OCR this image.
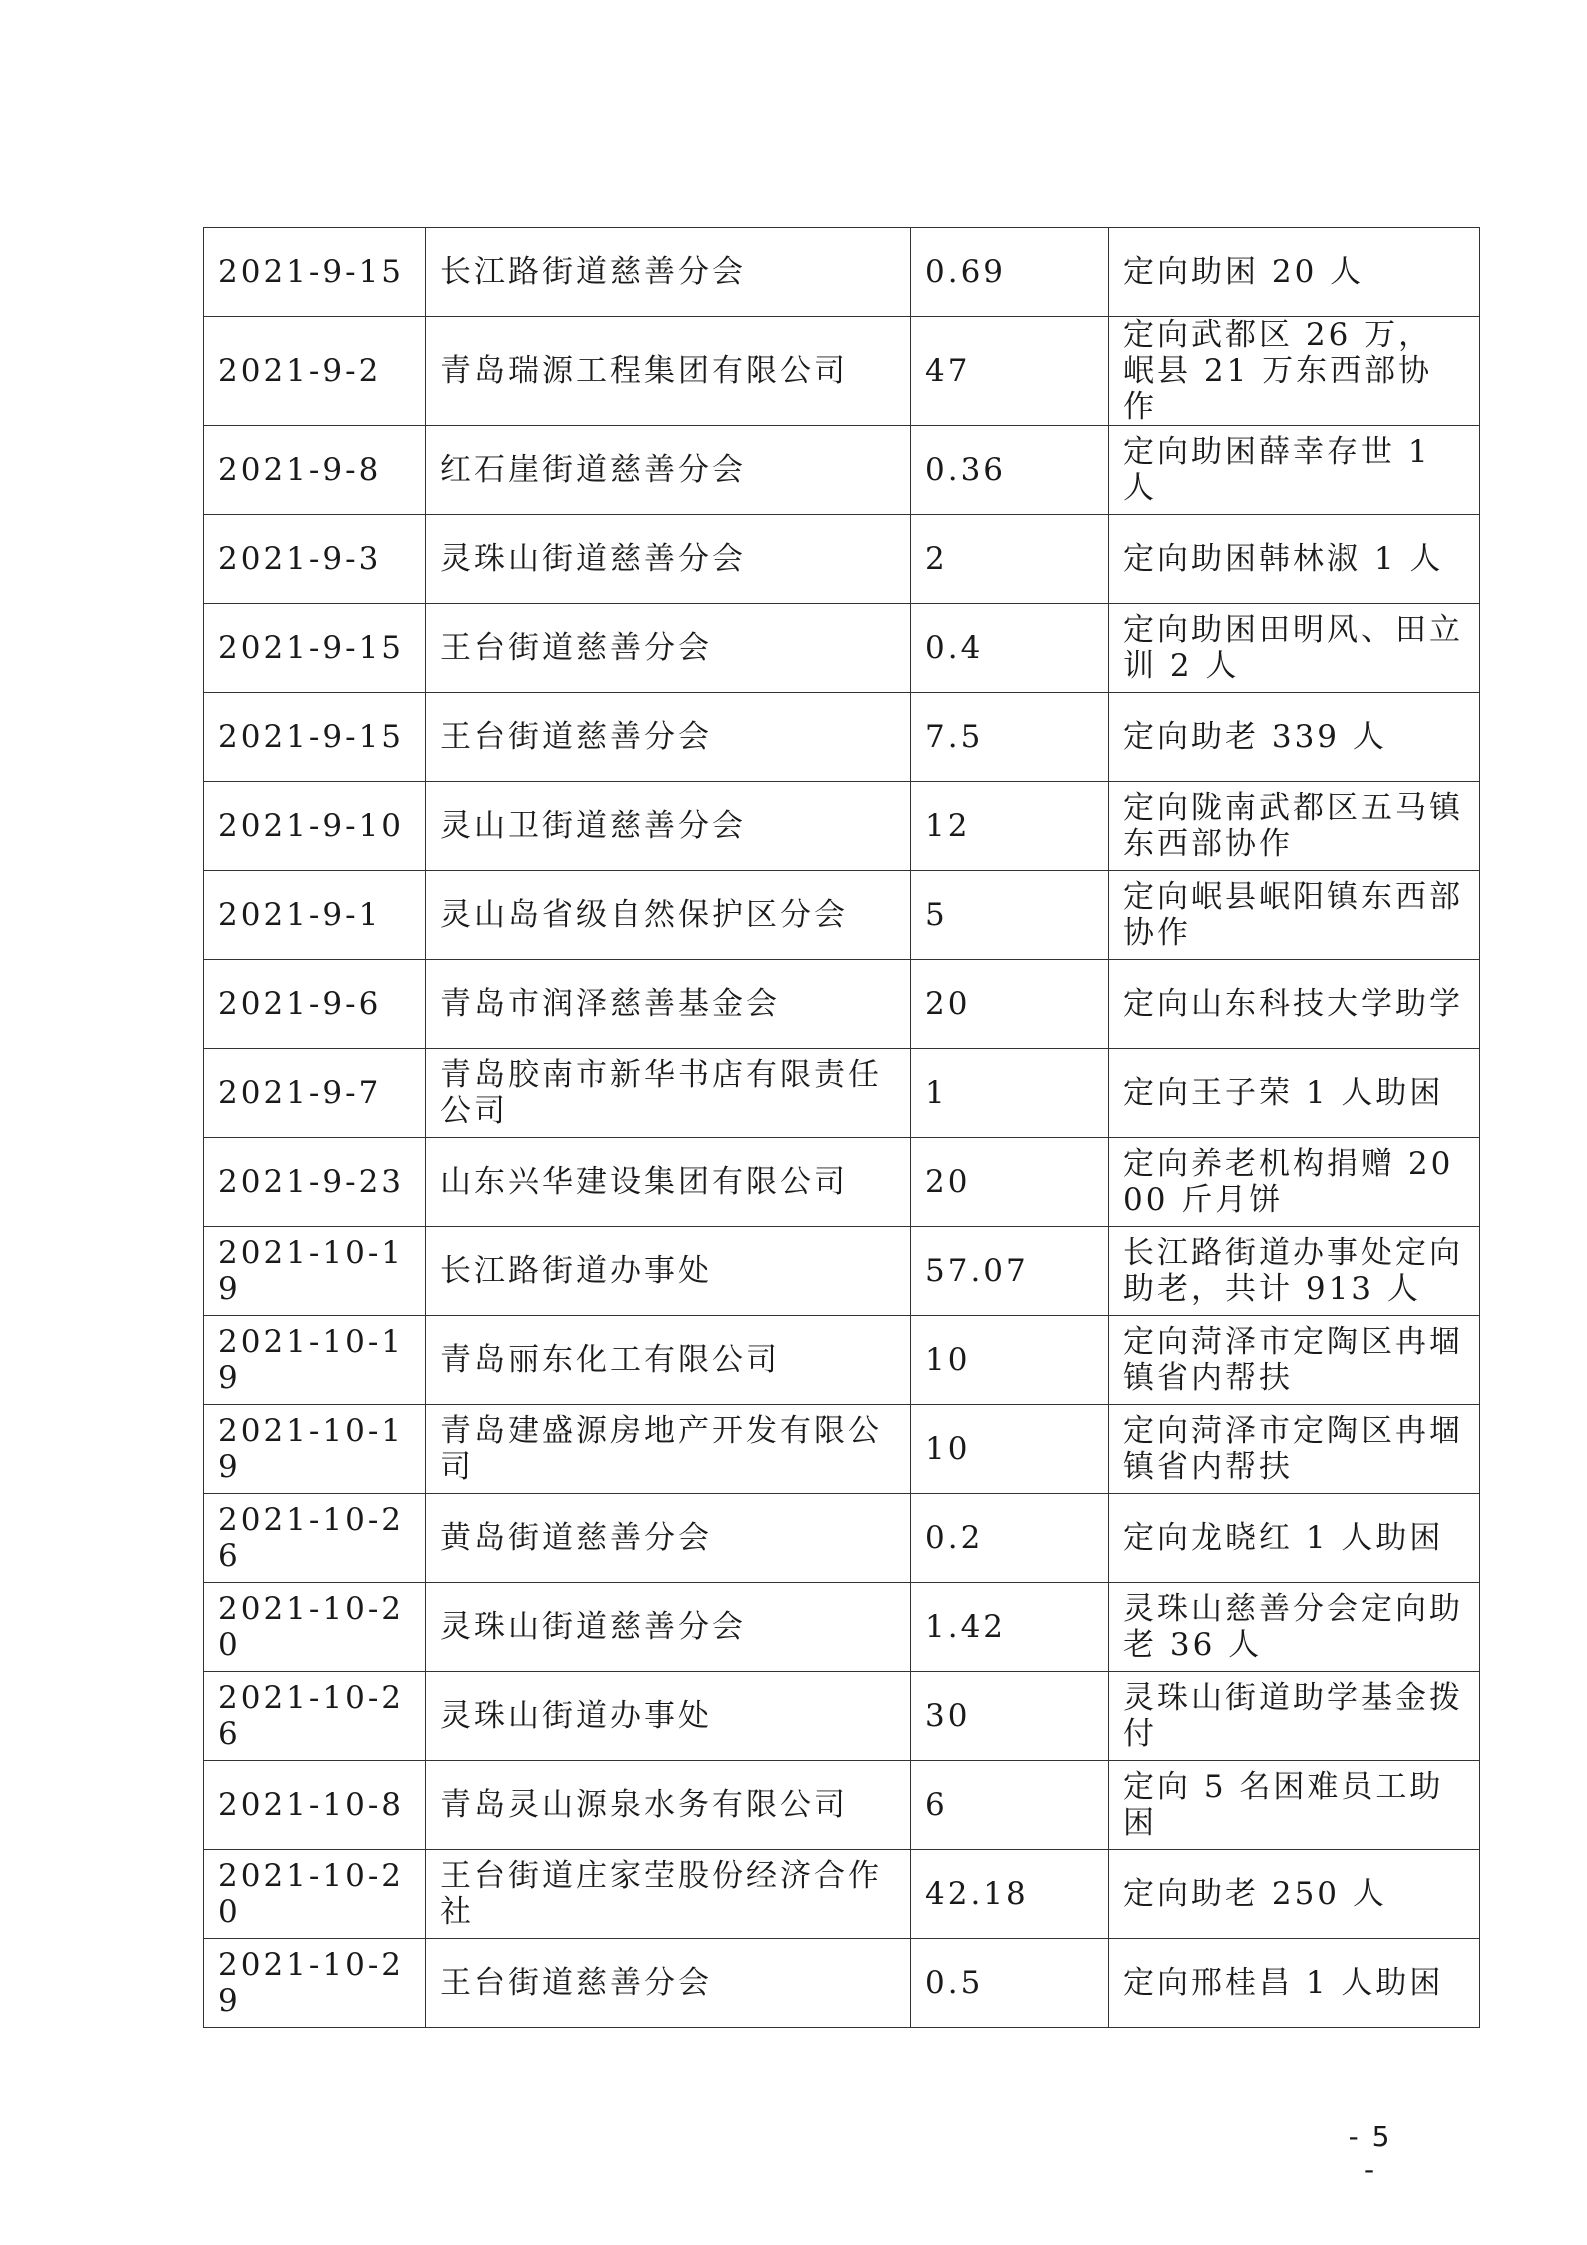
2021-9-15	长江路街道慈善分会	0.69	定向助困 20 人
2021-9-2	青岛瑞源工程集团有限公司	47	定向武都区 26 万，岷县 21 万东西部协作
2021-9-8	红石崖街道慈善分会	0.36	定向助困薛幸存世 1 人
2021-9-3	灵珠山街道慈善分会	2	定向助困韩林淑 1 人
2021-9-15	王台街道慈善分会	0.4	定向助困田明风、田立训 2 人
2021-9-15	王台街道慈善分会	7.5	定向助老 339 人
2021-9-10	灵山卫街道慈善分会	12	定向陇南武都区五马镇东西部协作
2021-9-1	灵山岛省级自然保护区分会	5	定向岷县岷阳镇东西部协作
2021-9-6	青岛市润泽慈善基金会	20	定向山东科技大学助学
2021-9-7	青岛胶南市新华书店有限责任公司	1	定向王子荣 1 人助困
2021-9-23	山东兴华建设集团有限公司	20	定向养老机构捐赠 2000 斤月饼
2021-10-19	长江路街道办事处	57.07	长江路街道办事处定向助老，共计 913 人
2021-10-19	青岛丽东化工有限公司	10	定向菏泽市定陶区冉堌镇省内帮扶
2021-10-19	青岛建盛源房地产开发有限公司	10	定向菏泽市定陶区冉堌镇省内帮扶
2021-10-26	黄岛街道慈善分会	0.2	定向龙晓红 1 人助困
2021-10-20	灵珠山街道慈善分会	1.42	灵珠山慈善分会定向助老 36 人
2021-10-26	灵珠山街道办事处	30	灵珠山街道助学基金拨付
2021-10-8	青岛灵山源泉水务有限公司	6	定向 5 名困难员工助困
2021-10-20	王台街道庄家茔股份经济合作社	42.18	定向助老 250 人
2021-10-29	王台街道慈善分会	0.5	定向邢桂昌 1 人助困
- 5 -
